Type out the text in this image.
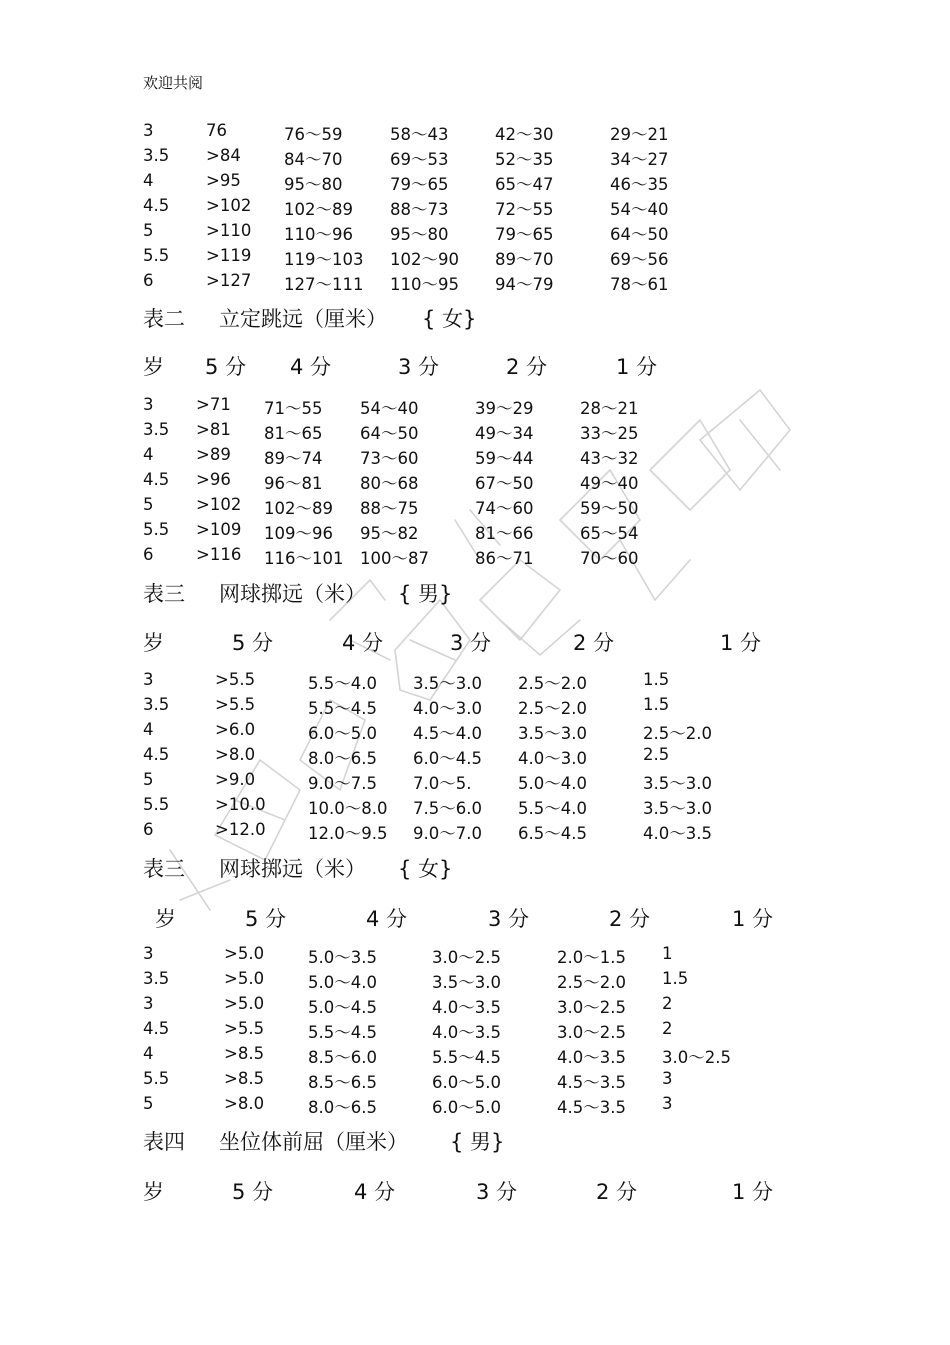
欢迎共阅
3	76	76～59	58～43	42～30	29～21
3.5 >84	84～70	69～53	52～35	34～27
4	>95	95～80	79～65	65～47	46～35
4.5 >102 102～89 88～73	72～55	54～40
5	>110 110～96 95～80	79～65	64～50
5.5 >119 119～103 102～90 89～70	69～56
6	>127 127～111 110～95 94～79	78～61
表二 立定跳远（厘米） { 女}
岁 5 分 4 分	3 分	2 分	1 分
3	>71 71～55 54～40	39～29	28～21
3.5 >81 81～65 64～50	49～34	33～25
4	>89 89～74 73～60	59～44	43～32
4.5 >96 96～81 80～68	67～50	49～40
5	>102 102～89 88～75	74～60	59～50
5.5 >109 109～96 95～82	81～66	65～54
6	>116 116～101 100～87	86～71	70～60
表三 网球掷远（米） { 男}
岁	5 分	4 分	3 分	2 分	1 分
3	>5.5	5.5～4.0 3.5～3.0 2.5～2.0	1.5
3.5	>5.5	5.5～4.5 4.0～3.0 2.5～2.0	1.5
4	>6.0	6.0～5.0 4.5～4.0 3.5～3.0	2.5～2.0
4.5	>8.0	8.0～6.5 6.0～4.5 4.0～3.0	2.5
5	>9.0	9.0～7.5 7.0～5.	5.0～4.0	3.5～3.0
5.5	>10.0	10.0～8.0 7.5～6.0 5.5～4.0	3.5～3.0
6	>12.0	12.0～9.5 9.0～7.0 6.5～4.5	4.0～3.5
表三 网球掷远（米） { 女}
岁	5 分	4 分	3 分	2 分	1 分
3	>5.0	5.0～3.5	3.0～2.5	2.0～1.5 1
3.5	>5.0	5.0～4.0	3.5～3.0	2.5～2.0 1.5
3	>5.0	5.0～4.5	4.0～3.5	3.0～2.5 2
4.5	>5.5	5.5～4.5	4.0～3.5	3.0～2.5 2
4	>8.5	8.5～6.0	5.5～4.5	4.0～3.5 3.0～2.5
5.5	>8.5	8.5～6.5	6.0～5.0	4.5～3.5 3
5	>8.0	8.0～6.5	6.0～5.0	4.5～3.5 3
表四 坐位体前屈（厘米） { 男}
岁	5 分	4 分	3 分	2 分	1 分
